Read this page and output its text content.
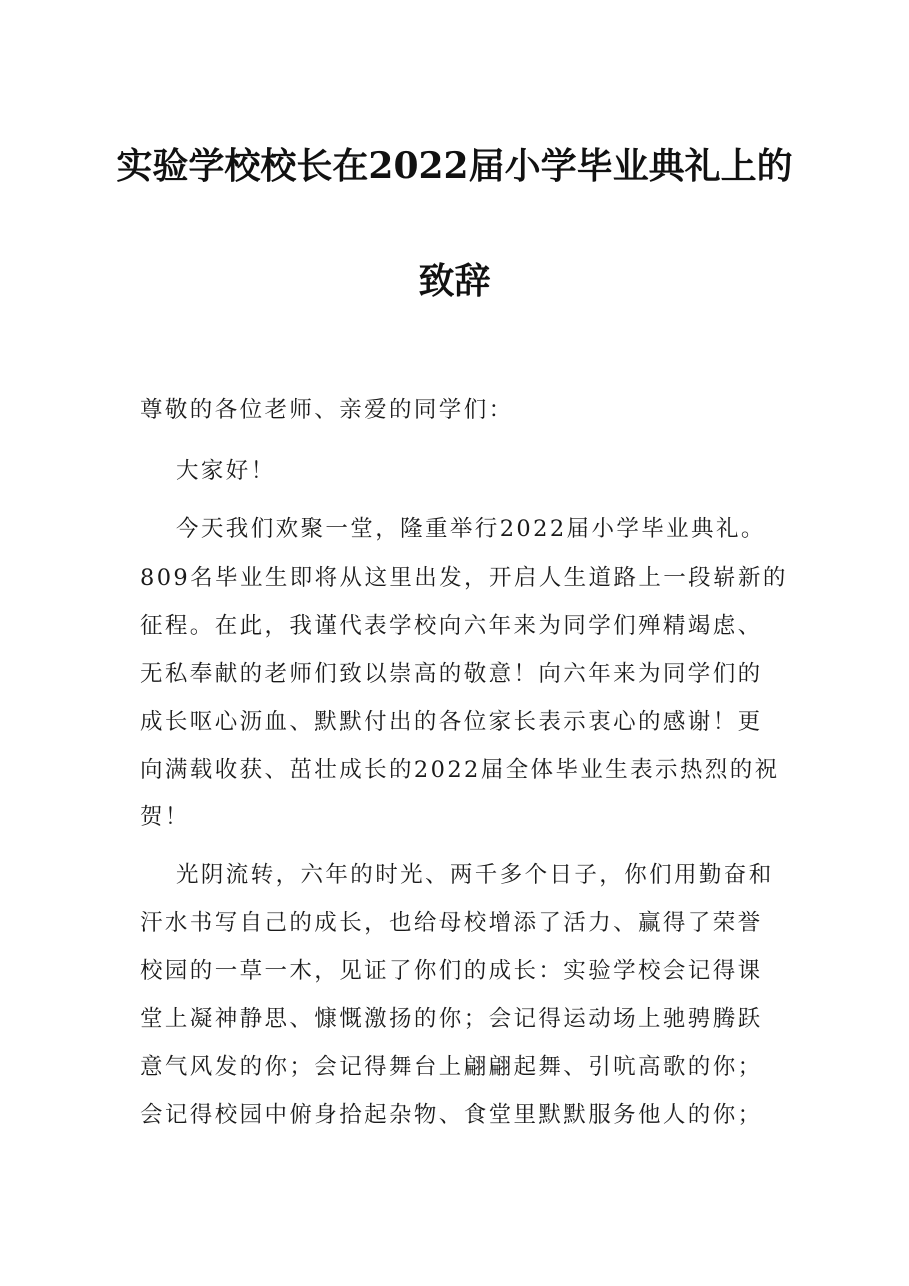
实验学校校长在2022届小学毕业典礼上的
致辞
尊敬的各位老师、亲爱的同学们：
大家好！
今天我们欢聚一堂，隆重举行2022届小学毕业典礼。
809名毕业生即将从这里出发，开启人生道路上一段崭新的
征程。在此，我谨代表学校向六年来为同学们殚精竭虑、
无私奉献的老师们致以崇高的敬意！向六年来为同学们的
成长呕心沥血、默默付出的各位家长表示衷心的感谢！更
向满载收获、茁壮成长的2022届全体毕业生表示热烈的祝
贺！
光阴流转，六年的时光、两千多个日子，你们用勤奋和
汗水书写自己的成长，也给母校增添了活力、赢得了荣誉
校园的一草一木，见证了你们的成长：实验学校会记得课
堂上凝神静思、慷慨激扬的你；会记得运动场上驰骋腾跃
意气风发的你；会记得舞台上翩翩起舞、引吭高歌的你；
会记得校园中俯身拾起杂物、食堂里默默服务他人的你；
